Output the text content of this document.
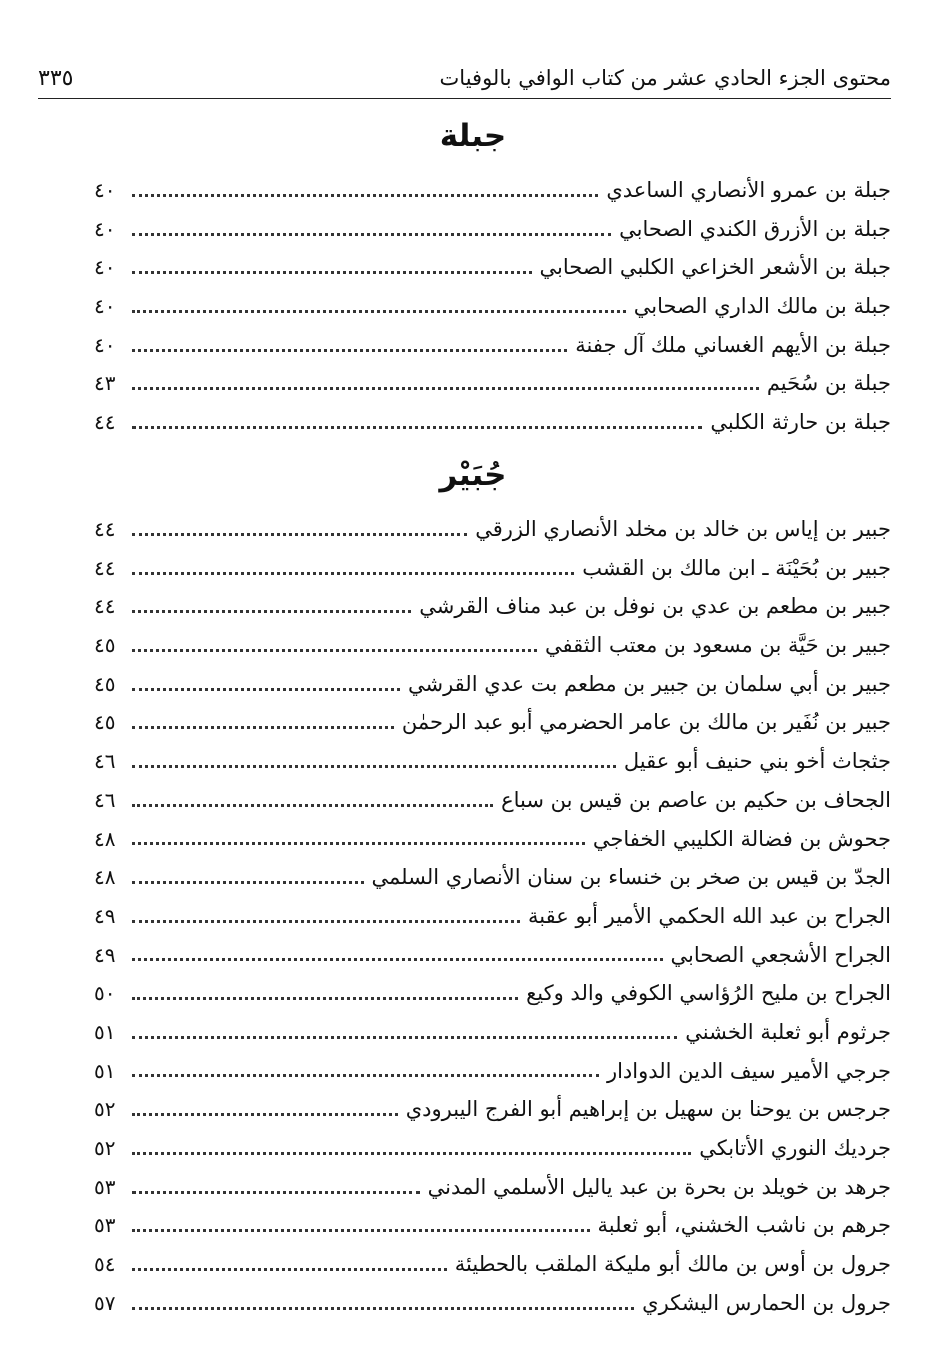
محتوى الجزء الحادي عشر من كتاب الوافي بالوفيات
٣٣٥
جبلة
جبلة بن عمرو الأنصاري الساعدي
٤٠
جبلة بن الأزرق الكندي الصحابي
٤٠
جبلة بن الأشعر الخزاعي الكلبي الصحابي
٤٠
جبلة بن مالك الداري الصحابي
٤٠
جبلة بن الأيهم الغساني ملك آل جفنة
٤٠
جبلة بن سُحَيم
٤٣
جبلة بن حارثة الكلبي
٤٤
جُبَيْر
جبير بن إياس بن خالد بن مخلد الأنصاري الزرقي
٤٤
جبير بن بُحَيْنَة ـ ابن مالك بن القشب
٤٤
جبير بن مطعم بن عدي بن نوفل بن عبد مناف القرشي
٤٤
جبير بن حَيَّة بن مسعود بن معتب الثقفي
٤٥
جبير بن أبي سلمان بن جبير بن مطعم بت عدي القرشي
٤٥
جبير بن نُفَير بن مالك بن عامر الحضرمي أبو عبد الرحمٰن
٤٥
جثجاث أخو بني حنيف أبو عقيل
٤٦
الجحاف بن حكيم بن عاصم بن قيس بن سباع
٤٦
جحوش بن فضالة الكليبي الخفاجي
٤٨
الجدّ بن قيس بن صخر بن خنساء بن سنان الأنصاري السلمي
٤٨
الجراح بن عبد الله الحكمي الأمير أبو عقبة
٤٩
الجراح الأشجعي الصحابي
٤٩
الجراح بن مليح الرُؤاسي الكوفي والد وكيع
٥٠
جرثوم أبو ثعلبة الخشني
٥١
جرجي الأمير سيف الدين الدوادار
٥١
جرجس بن يوحنا بن سهيل بن إبراهيم أبو الفرج اليبرودي
٥٢
جرديك النوري الأتابكي
٥٢
جرهد بن خويلد بن بحرة بن عبد ياليل الأسلمي المدني
٥٣
جرهم بن ناشب الخشني، أبو ثعلبة
٥٣
جرول بن أوس بن مالك أبو مليكة الملقب بالحطيئة
٥٤
جرول بن الحمارس اليشكري
٥٧
